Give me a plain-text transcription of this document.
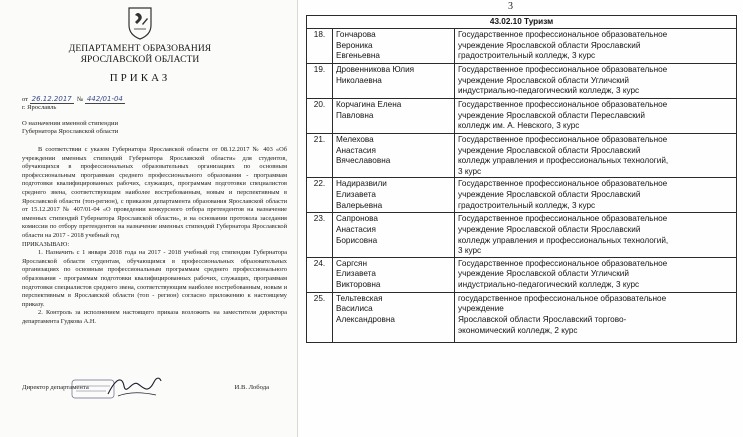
ДЕПАРТАМЕНТ ОБРАЗОВАНИЯ
ЯРОСЛАВСКОЙ ОБЛАСТИ
ПРИКАЗ
от 26.12.2017 № 442/01-04
г. Ярославль
О назначении именной стипендии
Губернатора Ярославской области

В соответствии с указом Губернатора Ярославской области от 08.12.2017 № 403 «Об учреждении именных стипендий Губернатора Ярославской области» для студентов, обучающихся в профессиональных образовательных организациях по основным профессиональным программам среднего профессионального образования - программам подготовки квалифицированных рабочих, служащих, программам подготовки специалистов среднего звена, соответствующим наиболее востребованным, новым и перспективным в Ярославской области (топ-регион), с приказом департамента образования Ярославской области от 15.12.2017 № 407/01-04 «О проведении конкурсного отбора претендентов на назначение именных стипендий Губернатора Ярославской области», и на основании протокола заседания комиссии по отбору претендентов на назначение именных стипендий Губернатора Ярославской области на 2017 - 2018 учебный год

ПРИКАЗЫВАЮ:

1. Назначить с 1 января 2018 года на 2017 - 2018 учебный год стипендии Губернатора Ярославской области студентам, обучающимся в профессиональных образовательных организациях по основным профессиональным программам среднего профессионального образования - программам подготовки квалифицированных рабочих, служащих, программам подготовки специалистов среднего звена, соответствующим наиболее востребованным, новым и перспективным в Ярославской области (топ - регион) согласно приложению к настоящему приказу.

2. Контроль за исполнением настоящего приказа возложить на заместителя директора департамента Гудкова А.Н.

Директор департамента	И.В. Лобода
3
43.02.10 Туризм		
18.	Гончарова
Вероника
Евгеньевна	Государственное профессиональное образовательное
учреждение Ярославской области Ярославский
градостроительный колледж, 3 курс

19.	Дровенникова Юлия
Николаевна	Государственное профессиональное образовательное
учреждение Ярославской области Угличский
индустриально-педагогический колледж, 3 курс

20.	Корчагина Елена
Павловна	Государственное профессиональное образовательное
учреждение Ярославской области Переславский
колледж им. А. Невского, 3 курс

21.	Мелехова
Анастасия
Вячеславовна	Государственное профессиональное образовательное
учреждение Ярославской области Ярославский
колледж управления и профессиональных технологий,
3 курс

22.	Надиразвили
Елизавета
Валерьевна	Государственное профессиональное образовательное
учреждение Ярославской области Ярославский
градостроительный колледж, 3 курс

23.	Сапронова
Анастасия
Борисовна	Государственное профессиональное образовательное
учреждение Ярославской области Ярославский
колледж управления и профессиональных технологий,
3 курс

24.	Саргсян
Елизавета
Викторовна	Государственное профессиональное образовательное
учреждение Ярославской области Угличский
индустриально-педагогический колледж, 3 курс

25.	Тельтевская
Василиса
Александровна	государственное профессиональное образовательное
учреждение
Ярославской области Ярославский торгово-
экономический колледж, 2 курс
